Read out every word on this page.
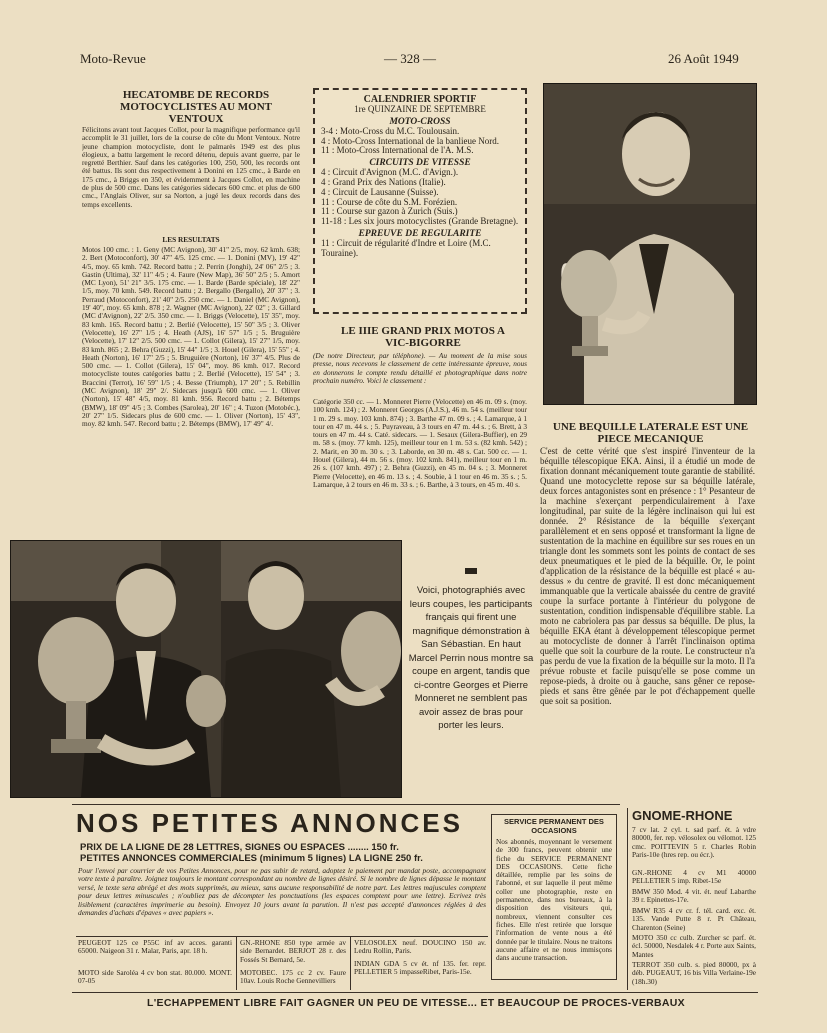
Moto-Revue	— 328 —	26 Août 1949
HECATOMBE DE RECORDS MOTOCYCLISTES AU MONT VENTOUX
Félicitons avant tout Jacques Collot, pour la magnifique performance qu'il accomplit le 31 juillet, lors de la course de côte du Mont Ventoux. Notre jeune champion motocycliste, dont le palmarès 1949 est des plus élogieux, a battu largement le record détenu, depuis avant guerre, par le regretté Berthier. Sauf dans les catégories 100, 250, 500, les records ont été battus. Ils sont dus respectivement à Donini en 125 cmc., à Barde en 175 cmc., à Briggs en 350, et évidemment à Jacques Collot, en machine de plus de 500 cmc. Dans les catégories sidecars 600 cmc. et plus de 600 cmc., l'Anglais Oliver, sur sa Norton, a jugé les deux records dans des temps excellents.
LES RESULTATS
Motos 100 cmc. : 1. Geny (MC Avignon), 30' 41" 2/5, moy. 62 kmh. 638; 2. Bert (Motoconfort), 30' 47" 4/5. 125 cmc. — 1. Donini (MV), 19' 42" 4/5, moy. 65 kmh. 742. Record battu ; 2. Perrin (Jonghi), 24' 06" 2/5 ; 3. Gastin (Ultima), 32' 11" 4/5 ; 4. Faure (New Map), 36' 50" 2/5 ; 5. Amort (MC Lyon), 51' 21" 3/5. 175 cmc. — 1. Barde (Barde spéciale), 18' 22" 1/5, moy. 70 kmh. 549. Record battu ; 2. Bergallo (Bergallo), 20' 37" ; 3. Perraud (Motoconfort), 21' 40" 2/5. 250 cmc. — 1. Daniel (MC Avignon), 19' 40", moy. 65 kmh. 878 ; 2. Wagner (MC Avignon), 22' 02" ; 3. Gillard (MC d'Avignon), 22' 2/5. 350 cmc. — 1. Briggs (Velocette), 15' 35", moy. 83 kmh. 165. Record battu ; 2. Berlié (Velocette), 15' 50" 3/5 ; 3. Oliver (Velocette), 16' 27" 1/5 ; 4. Heath (AJS), 16' 57" 1/5 ; 5. Bruguière (Velocette), 17' 12" 2/5. 500 cmc. — 1. Collot (Gilera), 15' 27" 1/5, moy. 83 kmh. 865 ; 2. Behra (Guzzi), 15' 44" 1/5 ; 3. Houel (Gilera), 15' 55" ; 4. Heath (Norton), 16' 17" 2/5 ; 5. Bruguière (Norton), 16' 37" 4/5. Plus de 500 cmc. — 1. Collot (Gilera), 15' 04", moy. 86 kmh. 017. Record motocycliste toutes catégories battu ; 2. Berlié (Velocette), 15' 54" ; 3. Braccini (Terrot), 16' 59" 1/5 ; 4. Besse (Triumph), 17' 20" ; 5. Rebillin (MC Avignon), 18' 29" 2/. Sidecars jusqu'à 600 cmc. — 1. Oliver (Norton), 15' 48" 4/5, moy. 81 kmh. 956. Record battu ; 2. Bétemps (BMW), 18' 09" 4/5 ; 3. Combes (Sarolea), 20' 16" ; 4. Tuzon (Motobéc.), 20' 27" 1/5. Sidecars plus de 600 cmc. — 1. Oliver (Norton), 15' 43", moy. 82 kmh. 547. Record battu ; 2. Bétemps (BMW), 17' 49" 4/.
CALENDRIER SPORTIF
1re QUINZAINE DE SEPTEMBRE
MOTO-CROSS
3-4 : Moto-Cross du M.C. Toulousain.
4 : Moto-Cross International de la banlieue Nord.
11 : Moto-Cross International de l'A. M.S.
CIRCUITS DE VITESSE
4 : Circuit d'Avignon (M.C. d'Avign.).
4 : Grand Prix des Nations (Italie).
4 : Circuit de Lausanne (Suisse).
11 : Course de côte du S.M. Forézien.
11 : Course sur gazon à Zurich (Suis.)
11-18 : Les six jours motocyclistes (Grande Bretagne).
EPREUVE DE REGULARITE
11 : Circuit de régularité d'Indre et Loire (M.C. Touraine).
LE IIIE GRAND PRIX MOTOS A VIC-BIGORRE
(De notre Directeur, par téléphone). — Au moment de la mise sous presse, nous recevons le classement de cette intéressante épreuve, nous en donnerons le compte rendu détaillé et photographique dans notre prochain numéro. Voici le classement :
Catégorie 350 cc. — 1. Monneret Pierre (Velocette) en 46 m. 09 s. (moy. 100 kmh. 124) ; 2. Monneret Georges (A.J.S.), 46 m. 54 s. (meilleur tour 1 m. 29 s. moy. 103 kmh. 874) ; 3. Barthe 47 m. 09 s. ; 4. Lamarque, à 1 tour en 47 m. 44 s. ; 5. Puyraveau, à 3 tours en 47 m. 44 s. ; 6. Brett, à 3 tours en 47 m. 44 s. Caté. sidecars. — 1. Sesaux (Gilera-Buffier), en 29 m. 58 s. (moy. 77 kmh. 125), meilleur tour en 1 m. 53 s. (82 kmh. 542) ; 2. Marit, en 30 m. 30 s. ; 3. Laborde, en 30 m. 48 s. Cat. 500 cc. — 1. Houel (Gilera), 44 m. 56 s. (moy. 102 kmh. 841), meilleur tour en 1 m. 26 s. (107 kmh. 497) ; 2. Behra (Guzzi), en 45 m. 04 s. ; 3. Monneret Pierre (Velocette), en 46 m. 13 s. ; 4. Soubie, à 1 tour en 46 m. 35 s. ; 5. Lamarque, à 2 tours en 46 m. 33 s. ; 6. Barthe, à 3 tours, en 45 m. 40 s.
UNE BEQUILLE LATERALE EST UNE PIECE MECANIQUE
C'est de cette vérité que s'est inspiré l'inventeur de la béquille télescopique EKA. Ainsi, il a étudié un mode de fixation donnant mécaniquement toute garantie de stabilité. Quand une motocyclette repose sur sa béquille latérale, deux forces antagonistes sont en présence : 1° Pesanteur de la machine s'exerçant perpendiculairement à l'axe longitudinal, par suite de la légère inclinaison qui lui est donnée. 2° Résistance de la béquille s'exerçant parallèlement et en sens opposé et transformant la ligne de sustentation de la machine en équilibre sur ses roues en un triangle dont les sommets sont les points de contact de ses deux pneumatiques et le pied de la béquille. Or, le point d'application de la résistance de la béquille est placé « au-dessus » du centre de gravité. Il est donc mécaniquement immanquable que la verticale abaissée du centre de gravité coupe la surface portante à l'intérieur du polygone de sustentation, condition indispensable d'équilibre stable. La moto ne cabriolera pas par dessus sa béquille. De plus, la béquille EKA étant à développement télescopique permet au motocycliste de donner à l'arrêt l'inclinaison optima quelle que soit la courbure de la route. Le constructeur n'a pas perdu de vue la fixation de la béquille sur la moto. Il l'a prévue robuste et facile puisqu'elle se pose comme un repose-pieds, à droite ou à gauche, sans gêner ce repose-pieds et sans être gênée par le pot d'échappement quelle que soit sa position.
Voici, photographiés avec leurs coupes, les participants français qui firent une magnifique démonstration à San Sébastian. En haut Marcel Perrin nous montre sa coupe en argent, tandis que ci-contre Georges et Pierre Monneret ne semblent pas avoir assez de bras pour porter les leurs.
NOS PETITES ANNONCES
PRIX DE LA LIGNE DE 28 LETTRES, SIGNES OU ESPACES ........ 150 fr.
PETITES ANNONCES COMMERCIALES (minimum 5 lignes) LA LIGNE 250 fr.
Pour l'envoi par courrier de vos Petites Annonces, pour ne pas subir de retard, adoptez le paiement par mandat poste, accompagnant votre texte à paraître. Joignez toujours le montant correspondant au nombre de lignes désiré. Si le nombre de lignes dépasse le montant versé, le texte sera abrégé et des mots supprimés, au mieux, sans aucune responsabilité de notre part. Les lettres majuscules comptent pour deux lettres minuscules ; n'oubliez pas de décompter les ponctuations (les espaces comptent pour une lettre). Ecrivez très lisiblement (caractères imprimerie au besoin). Envoyez 10 jours avant la parution. Il n'est pas accepté d'annonces réglées à des demandes d'achats d'épaves « avec papiers ».
SERVICE PERMANENT DES OCCASIONS
Nos abonnés, moyennant le versement de 300 francs, peuvent obtenir une fiche du SERVICE PERMANENT DES OCCASIONS. Cette fiche détaillée, remplie par les soins de l'abonné, et sur laquelle il peut même coller une photographie, reste en permanence, dans nos bureaux, à la disposition des visiteurs qui, nombreux, viennent consulter ces fiches. Elle n'est retirée que lorsque l'information de vente nous a été donnée par le titulaire. Nous ne traitons aucune affaire et ne nous immisçons dans aucune transaction.
PEUGEOT 125 ce P55C inf av acces. garanti 65000. Naigeon 31 r. Malar, Paris, apr. 18 h.
MOTO side Saroléa 4 cv bon stat. 80.000. MONT. 07-05
GN.-RHONE 850 type armée av side Bernardet. BERJOT 28 r. des Fossés St Bernard, 5e.
MOTOBEC. 175 cc 2 cv. Faure 10av. Louis Roche Gennevilliers
VELOSOLEX neuf. DOUCINO 150 av. Ledru Rollin, Paris.
INDIAN GDA 5 cv ét. nf 135. fer. repr. PELLETIER 5 impasseRibet, Paris-15e.
GNOME-RHONE
7 cv lat. 2 cyl. t. sad parf. ét. à vdre 80000, fer. rep. vélosolex ou vélomot. 125 cmc. POITTEVIN 5 r. Charles Robin Paris-10e (hres rep. ou écr.).
GN.-RHONE 4 cv M1 40000 PELLETIER 5 imp. Ribet-15e
BMW 350 Mod. 4 vit. ét. neuf Labarthe 39 r. Epinettes-17e.
BMW R35 4 cv cr. f. tél. card. exc. ét. 135. Vande Putte 8 r. Pt Château, Charenton (Seine)
MOTO 350 cc culb. Zurcher sc parf. ét. écl. 50000, Nesdalek 4 r. Porte aux Saints, Mantes
TERROT 350 culb. s. pied 80000, px à déb. PUGEAUT, 16 bis Villa Verlaine-19e (18h.30)
L'ECHAPPEMENT LIBRE FAIT GAGNER UN PEU DE VITESSE... ET BEAUCOUP DE PROCES-VERBAUX
